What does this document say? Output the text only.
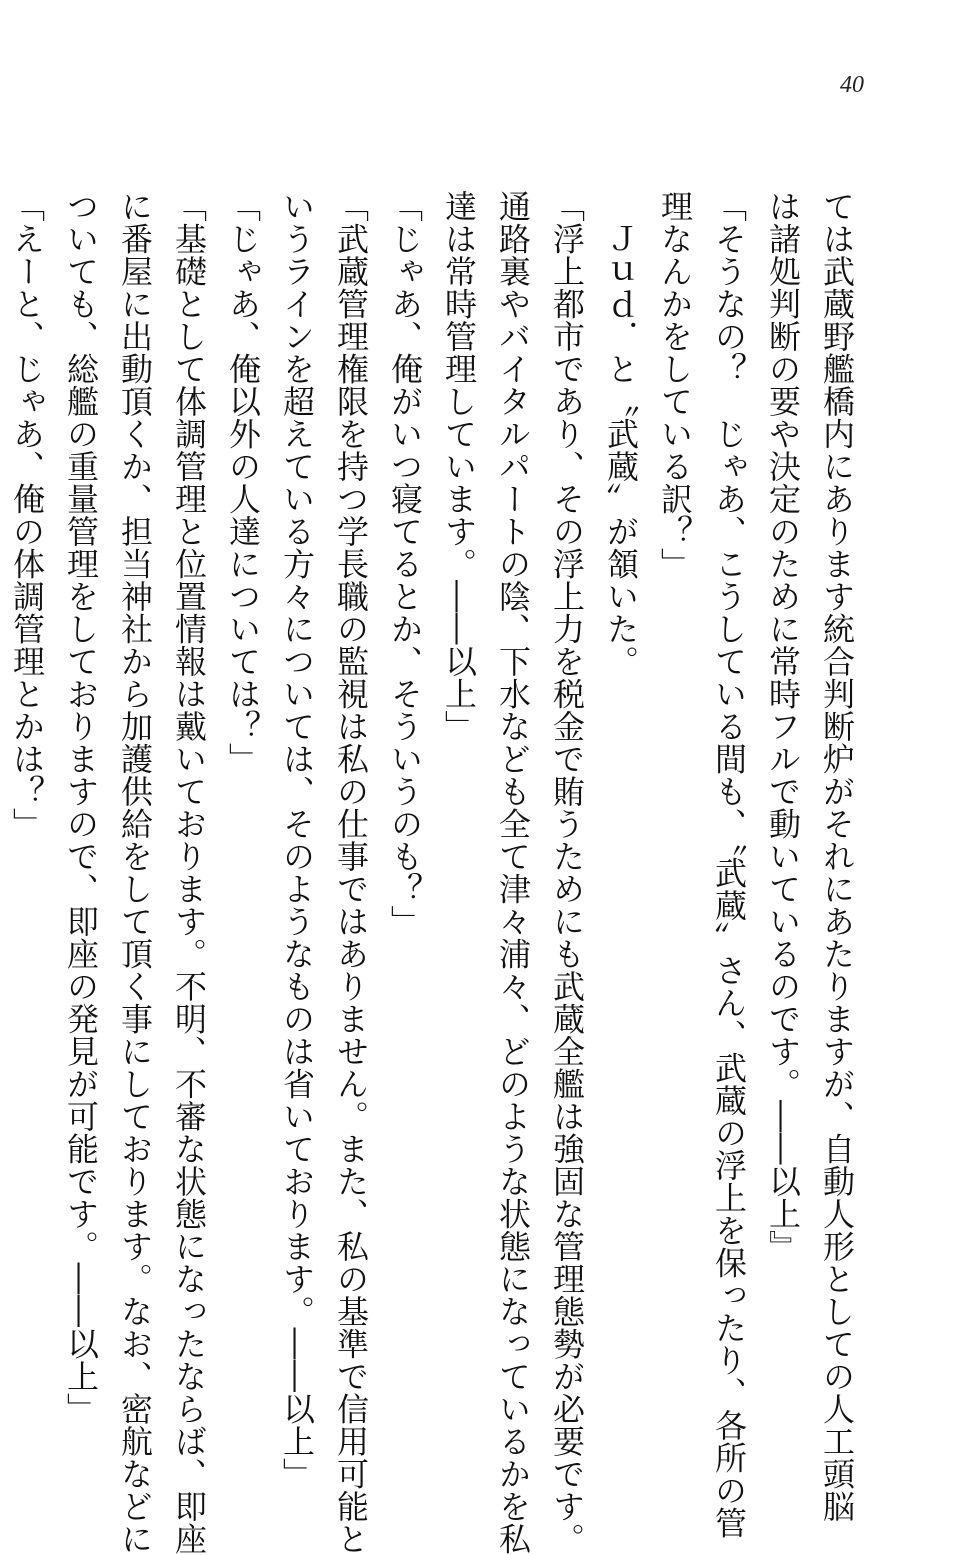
40
ては武蔵野艦橋内にあります統合判断炉がそれにあたりますが、自動人形としての人工頭脳
は諸処判断の要や決定のために常時フルで動いているのです。――以上』
「そうなの？　じゃあ、こうしている間も、〝武蔵〟さん、武蔵の浮上を保ったり、各所の管
理なんかをしている訳？」
　Ｊｕｄ．と〝武蔵〟が頷いた。
「浮上都市であり、その浮上力を税金で賄うためにも武蔵全艦は強固な管理態勢が必要です。
通路裏やバイタルパートの陰、下水なども全て津々浦々、どのような状態になっているかを私
達は常時管理しています。――以上」
「じゃあ、俺がいつ寝てるとか、そういうのも？」
「武蔵管理権限を持つ学長職の監視は私の仕事ではありません。また、私の基準で信用可能と
いうラインを超えている方々については、そのようなものは省いております。――以上」
「じゃあ、俺以外の人達については？」
「基礎として体調管理と位置情報は戴いております。不明、不審な状態になったならば、即座
に番屋に出動頂くか、担当神社から加護供給をして頂く事にしております。なお、密航などに
ついても、総艦の重量管理をしておりますので、即座の発見が可能です。――以上」
「えーと、じゃあ、俺の体調管理とかは？」
